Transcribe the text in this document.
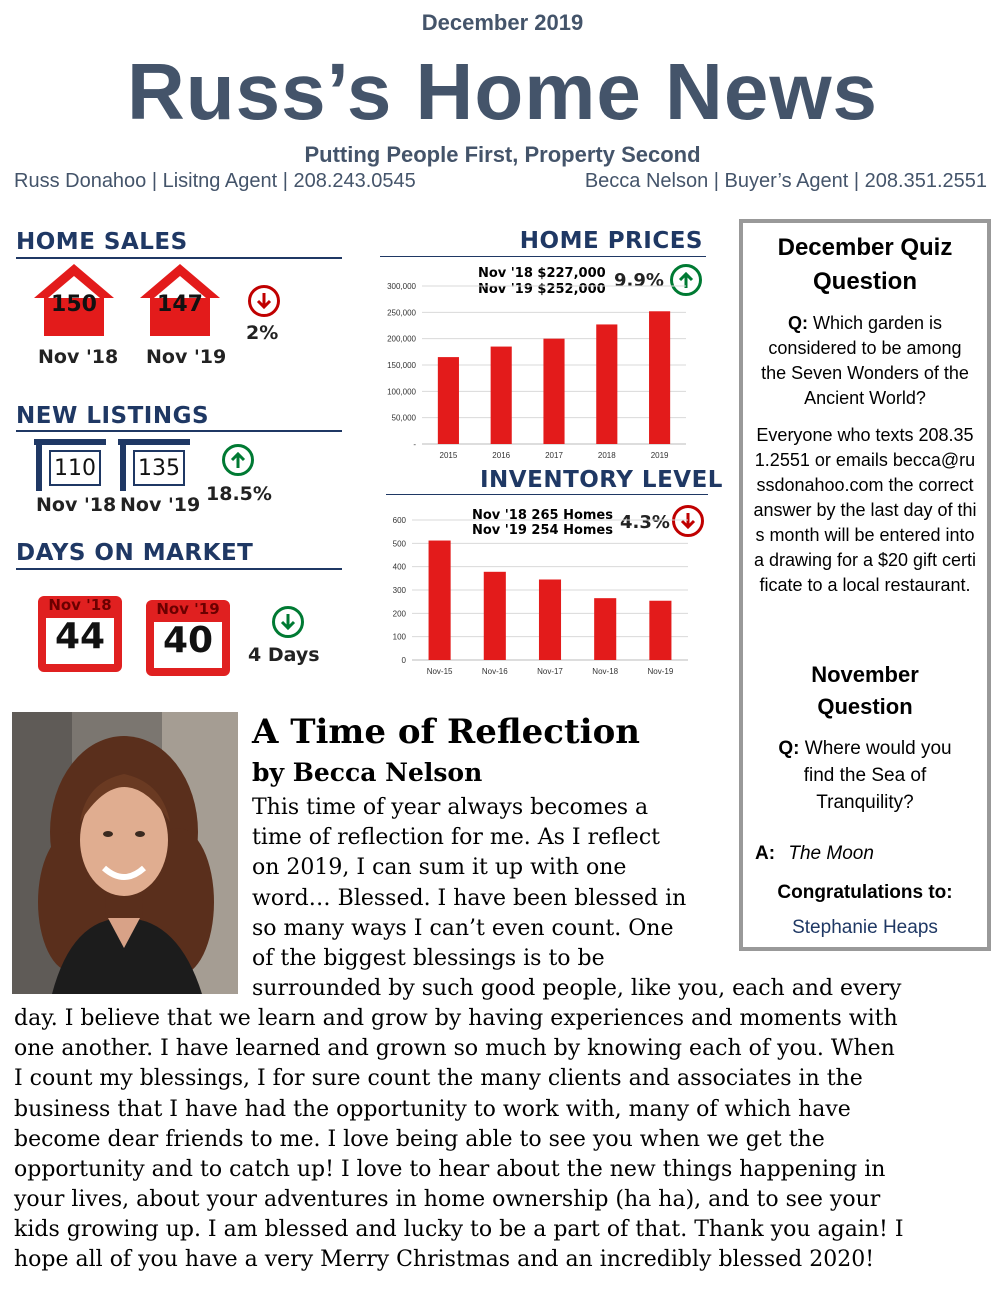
December 2019
Russ’s Home News
Putting People First, Property Second
Russ Donahoo | Lisitng Agent | 208.243.0545	Becca Nelson | Buyer’s Agent | 208.351.2551
HOME SALES
150
Nov '18
147
Nov '19
2%
NEW LISTINGS
110
Nov '18
135
Nov '19 18.5%
DAYS ON MARKET
Nov '18
44
Nov '19
40	4 Days
HOME PRICES
Nov '18 $227,000
Nov '19 $252,000 9.9%
-
50,000
100,000
150,000
200,000
250,000
300,000
2015	2016	2017	2018	2019
INVENTORY LEVEL
Nov '18 265 Homes
Nov '19 254 Homes 4.3%
0
100
200
300
400
500
600
Nov-15	Nov-16	Nov-17	Nov-18	Nov-19
December Quiz Question
Q: Which garden is considered to be among the Seven Wonders of the Ancient World?
Everyone who texts 208.351.2551 or emails becca@russdonahoo.com the correct answer by the last day of this month will be entered into a drawing for a $20 gift certificate to a local restaurant.
November Question
Q: Where would you find the Sea of Tranquility?
A: The Moon
Congratulations to:
Stephanie Heaps
A Time of Reflection
by Becca Nelson
This time of year always becomes a
time of reflection for me. As I reflect
on 2019, I can sum it up with one
word… Blessed. I have been blessed in
so many ways I can’t even count. One
of the biggest blessings is to be
surrounded by such good people, like you, each and every
day. I believe that we learn and grow by having experiences and moments with
one another. I have learned and grown so much by knowing each of you. When
I count my blessings, I for sure count the many clients and associates in the
business that I have had the opportunity to work with, many of which have
become dear friends to me. I love being able to see you when we get the
opportunity and to catch up! I love to hear about the new things happening in
your lives, about your adventures in home ownership (ha ha), and to see your
kids growing up. I am blessed and lucky to be a part of that. Thank you again! I
hope all of you have a very Merry Christmas and an incredibly blessed 2020!
